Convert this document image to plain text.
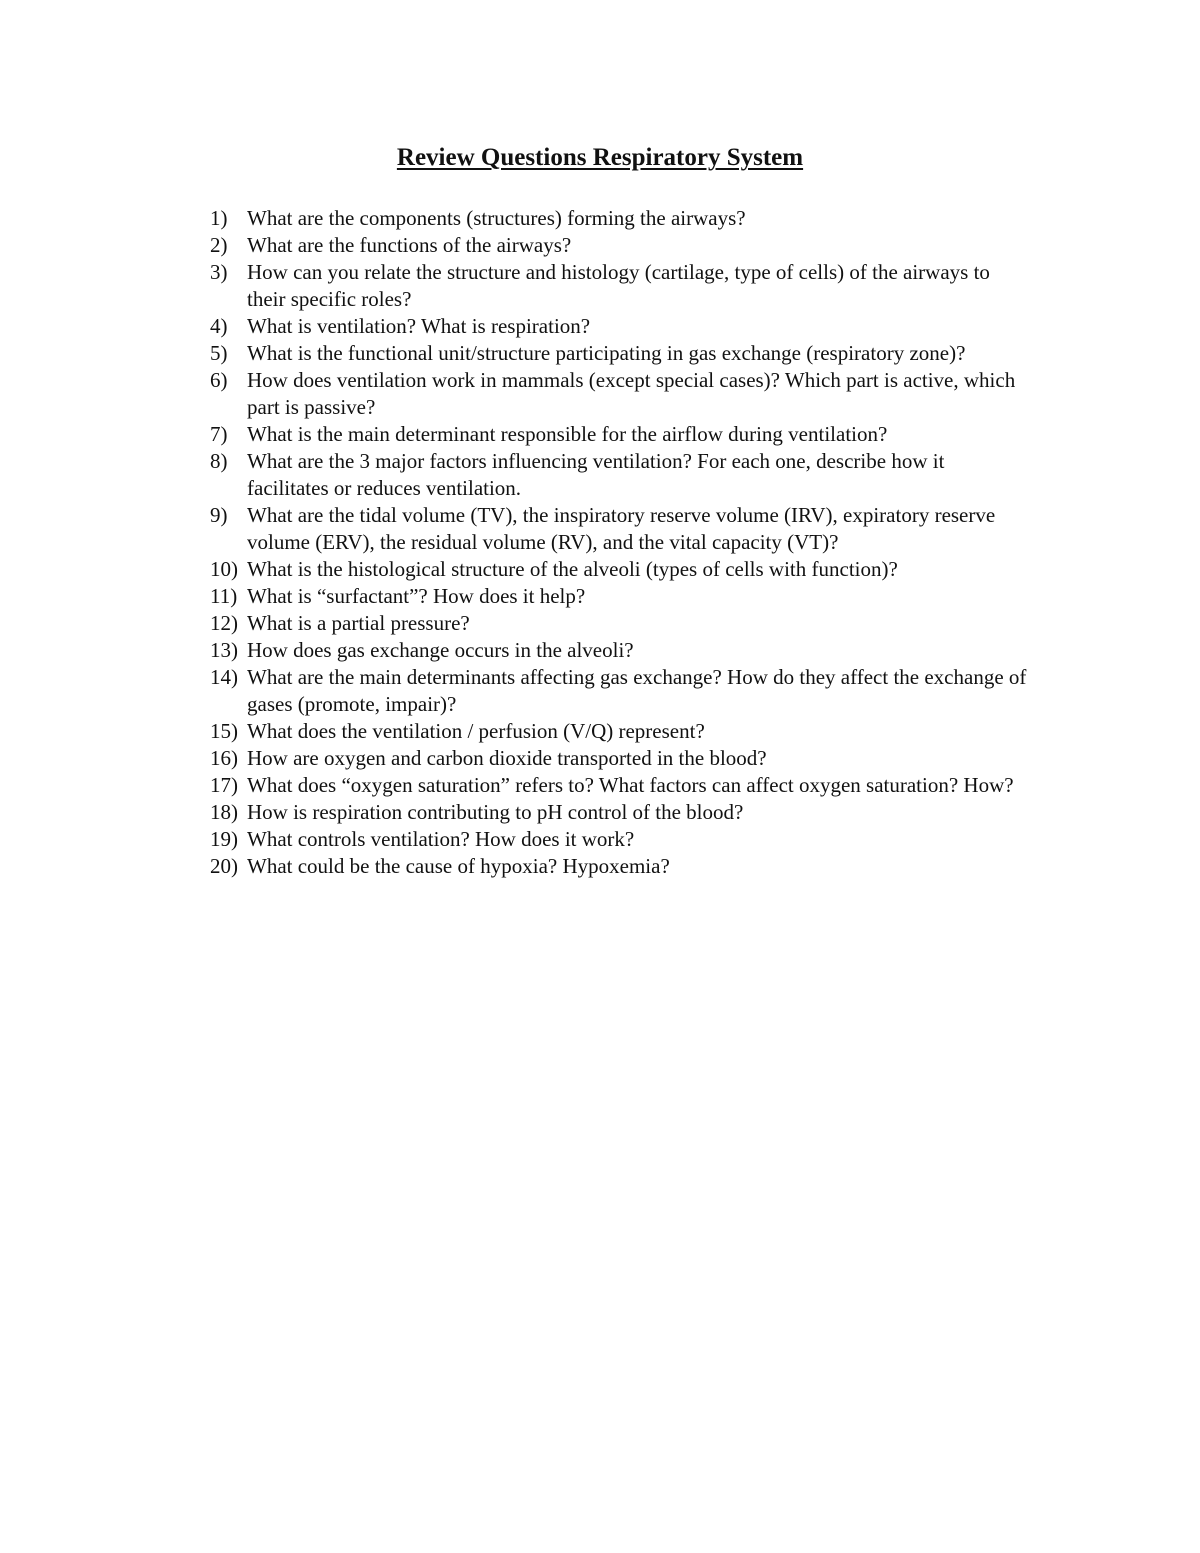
Review Questions Respiratory System
1) What are the components (structures) forming the airways?
2) What are the functions of the airways?
3) How can you relate the structure and histology (cartilage, type of cells) of the airways to their specific roles?
4) What is ventilation? What is respiration?
5) What is the functional unit/structure participating in gas exchange (respiratory zone)?
6) How does ventilation work in mammals (except special cases)? Which part is active, which part is passive?
7) What is the main determinant responsible for the airflow during ventilation?
8) What are the 3 major factors influencing ventilation? For each one, describe how it facilitates or reduces ventilation.
9) What are the tidal volume (TV), the inspiratory reserve volume (IRV), expiratory reserve volume (ERV), the residual volume (RV), and the vital capacity (VT)?
10) What is the histological structure of the alveoli (types of cells with function)?
11) What is “surfactant”? How does it help?
12) What is a partial pressure?
13) How does gas exchange occurs in the alveoli?
14) What are the main determinants affecting gas exchange? How do they affect the exchange of gases (promote, impair)?
15) What does the ventilation / perfusion (V/Q) represent?
16) How are oxygen and carbon dioxide transported in the blood?
17) What does “oxygen saturation” refers to? What factors can affect oxygen saturation? How?
18) How is respiration contributing to pH control of the blood?
19) What controls ventilation? How does it work?
20) What could be the cause of hypoxia? Hypoxemia?
